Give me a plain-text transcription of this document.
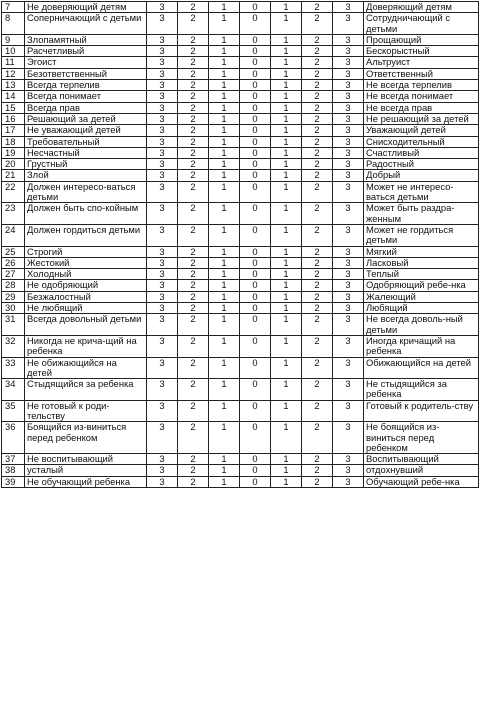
7	Не доверяющий детям	3	2	1	0	1	2	3	Доверяющий детям
8	Соперничающий с детьми	3	2	1	0	1	2	3	Сотрудничающий с детьми
9	Злопамятный	3	2	1	0	1	2	3	Прощающий
10	Расчетливый	3	2	1	0	1	2	3	Бескорыстный
11	Эгоист	3	2	1	0	1	2	3	Альтруист
12	Безответственный	3	2	1	0	1	2	3	Ответственный
13	Всегда терпелив	3	2	1	0	1	2	3	Не всегда терпелив
14	Всегда понимает	3	2	1	0	1	2	3	Не всегда понимает
15	Всегда прав	3	2	1	0	1	2	3	Не всегда прав
16	Решающий за детей	3	2	1	0	1	2	3	Не решающий за детей
17	Не уважающий детей	3	2	1	0	1	2	3	Уважающий детей
18	Требовательный	3	2	1	0	1	2	3	Снисходительный
19	Несчастный	3	2	1	0	1	2	3	Счастливый
20	Грустный	3	2	1	0	1	2	3	Радостный
21	Злой	3	2	1	0	1	2	3	Добрый
22	Должен интересо-ваться детьми	3	2	1	0	1	2	3	Может не интересо-ваться детьми
23	Должен быть спо-койным	3	2	1	0	1	2	3	Может быть раздра-женным
24	Должен гордиться детьми	3	2	1	0	1	2	3	Может не гордиться детьми
25	Строгий	3	2	1	0	1	2	3	Мягкий
26	Жестокий	3	2	1	0	1	2	3	Ласковый
27	Холодный	3	2	1	0	1	2	3	Теплый
28	Не одобряющий	3	2	1	0	1	2	3	Одобряющий ребе-нка
29	Безжалостный	3	2	1	0	1	2	3	Жалеющий
30	Не любящий	3	2	1	0	1	2	3	Любящий
31	Всегда довольный детьми	3	2	1	0	1	2	3	Не всегда доволь-ный детьми
32	Никогда не крича-щий на ребенка	3	2	1	0	1	2	3	Иногда кричащий на ребенка
33	Не обижающийся на детей	3	2	1	0	1	2	3	Обижающийся на детей
34	Стыдящийся за ребенка	3	2	1	0	1	2	3	Не стыдящийся за ребенка
35	Не готовый к роди-тельству	3	2	1	0	1	2	3	Готовый к родитель-ству
36	Боящийся из-виниться перед ребенком	3	2	1	0	1	2	3	Не боящийся из-виниться перед ребенком
37	Не воспитывающий	3	2	1	0	1	2	3	Воспитывающий
38	усталый	3	2	1	0	1	2	3	отдохнувший
39	Не обучающий ребенка	3	2	1	0	1	2	3	Обучающий ребе-нка
